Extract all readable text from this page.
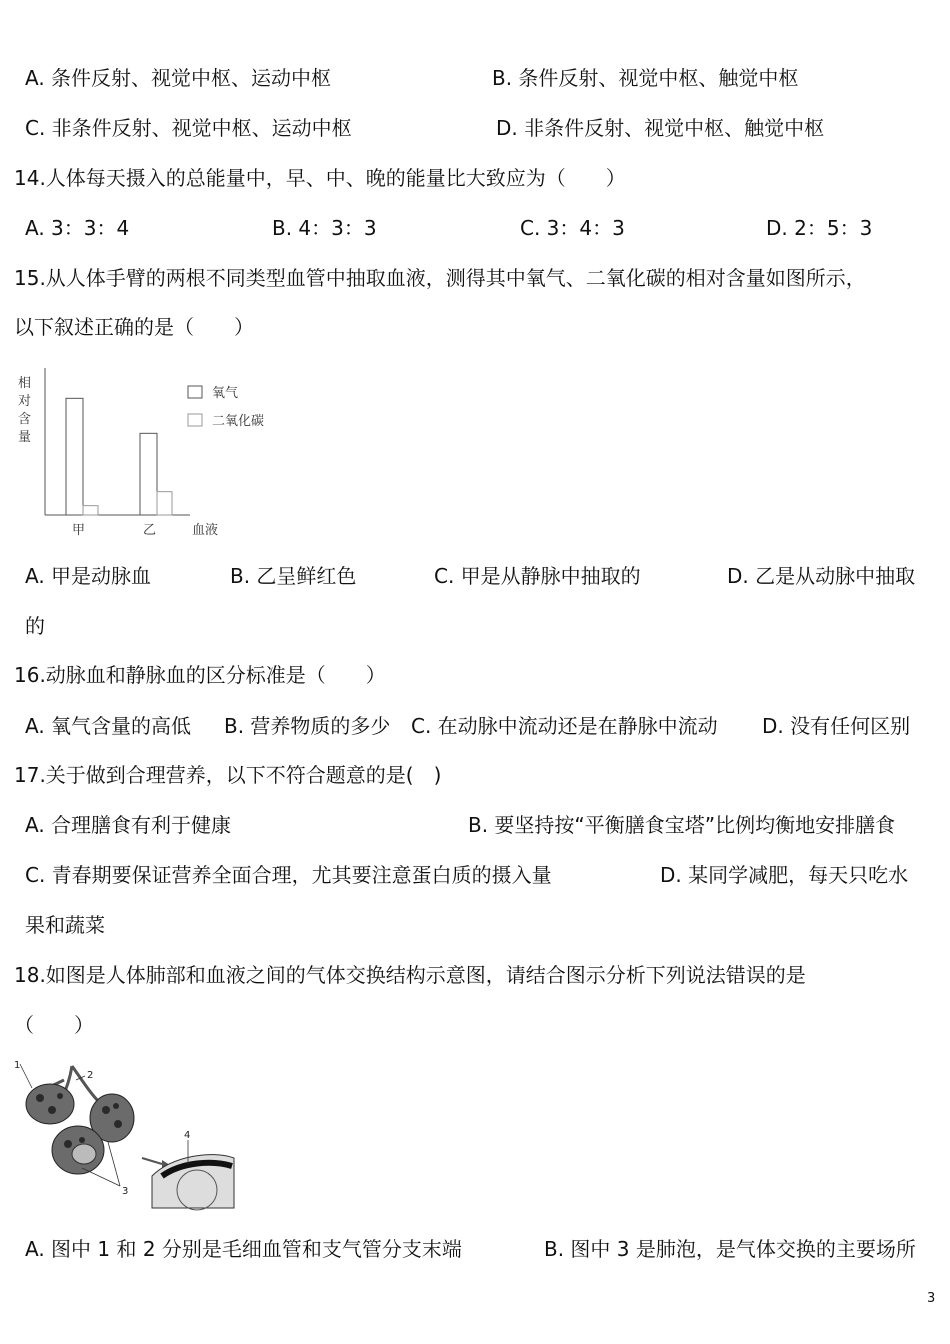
A. 条件反射、视觉中枢、运动中枢	B. 条件反射、视觉中枢、触觉中枢
C. 非条件反射、视觉中枢、运动中枢	D. 非条件反射、视觉中枢、触觉中枢
14.人体每天摄入的总能量中，早、中、晚的能量比大致应为（　　）
A. 3：3：4	B. 4：3：3	C. 3：4：3	D. 2：5：3
15.从人体手臂的两根不同类型血管中抽取血液，测得其中氧气、二氧化碳的相对含量如图所示，
以下叙述正确的是（　　）
相
对
含
量
甲	乙	血液
氧气
二氧化碳
A. 甲是动脉血	B. 乙呈鲜红色	C. 甲是从静脉中抽取的	D. 乙是从动脉中抽取
的
16.动脉血和静脉血的区分标准是（　　）
A. 氧气含量的高低 B. 营养物质的多少 C. 在动脉中流动还是在静脉中流动 D. 没有任何区别
17.关于做到合理营养，以下不符合题意的是(　)
A. 合理膳食有利于健康	B. 要坚持按“平衡膳食宝塔”比例均衡地安排膳食
C. 青春期要保证营养全面合理，尤其要注意蛋白质的摄入量	D. 某同学减肥，每天只吃水
果和蔬菜
18.如图是人体肺部和血液之间的气体交换结构示意图，请结合图示分析下列说法错误的是
（　　）
1
2
3
4
A. 图中 1 和 2 分别是毛细血管和支气管分支末端	B. 图中 3 是肺泡，是气体交换的主要场所
3
